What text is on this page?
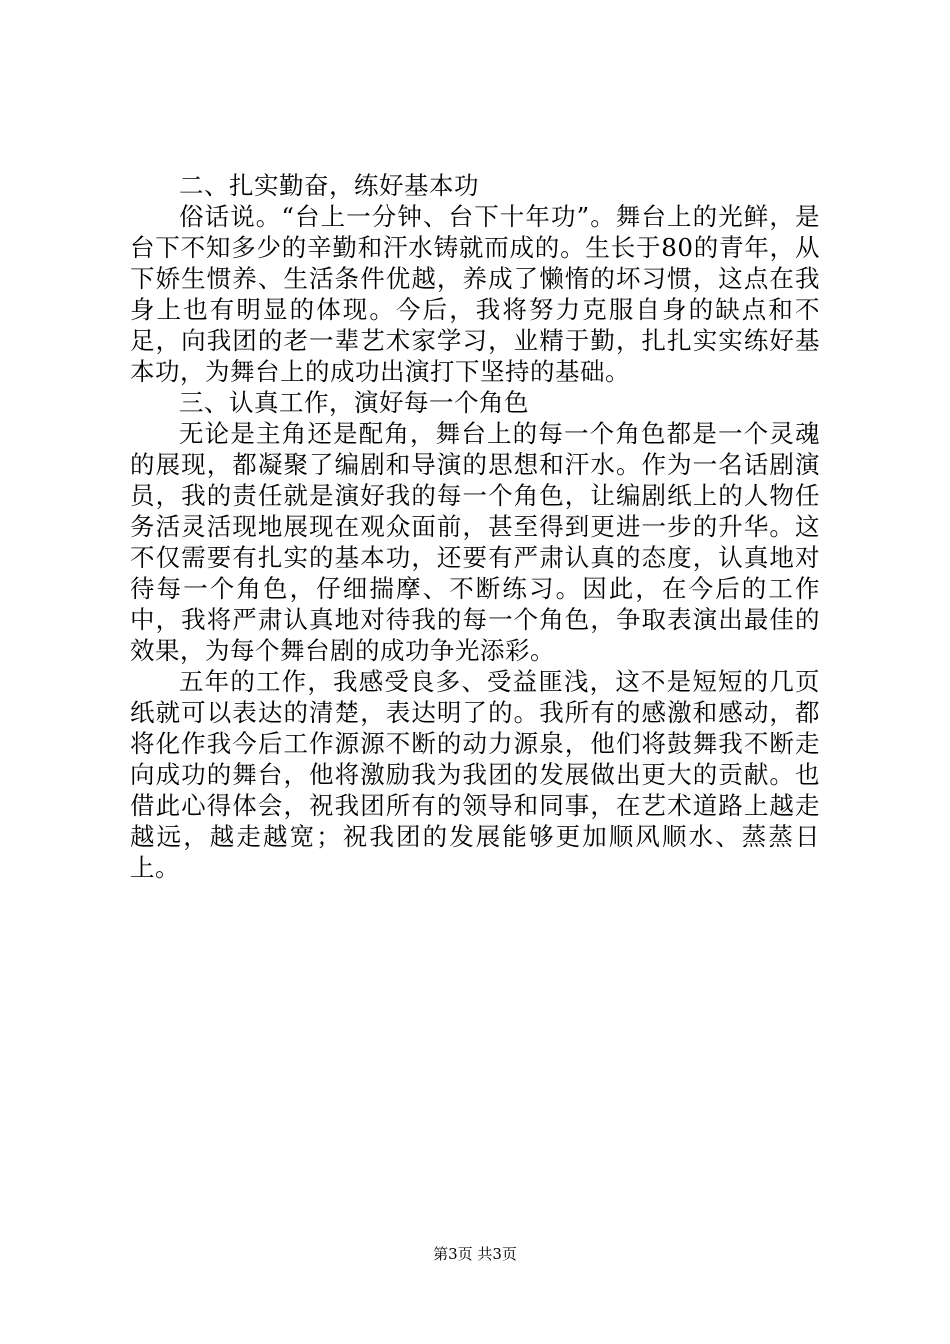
二、扎实勤奋，练好基本功

俗话说。“台上一分钟、台下十年功”。舞台上的光鲜，是台下不知多少的辛勤和汗水铸就而成的。生长于80的青年，从下娇生惯养、生活条件优越，养成了懒惰的坏习惯，这点在我身上也有明显的体现。今后，我将努力克服自身的缺点和不足，向我团的老一辈艺术家学习，业精于勤，扎扎实实练好基本功，为舞台上的成功出演打下坚持的基础。

三、认真工作，演好每一个角色

无论是主角还是配角，舞台上的每一个角色都是一个灵魂的展现，都凝聚了编剧和导演的思想和汗水。作为一名话剧演员，我的责任就是演好我的每一个角色，让编剧纸上的人物任务活灵活现地展现在观众面前，甚至得到更进一步的升华。这不仅需要有扎实的基本功，还要有严肃认真的态度，认真地对待每一个角色，仔细揣摩、不断练习。因此，在今后的工作中，我将严肃认真地对待我的每一个角色，争取表演出最佳的效果，为每个舞台剧的成功争光添彩。

五年的工作，我感受良多、受益匪浅，这不是短短的几页纸就可以表达的清楚，表达明了的。我所有的感激和感动，都将化作我今后工作源源不断的动力源泉，他们将鼓舞我不断走向成功的舞台，他将激励我为我团的发展做出更大的贡献。也借此心得体会，祝我团所有的领导和同事，在艺术道路上越走越远，越走越宽；祝我团的发展能够更加顺风顺水、蒸蒸日上。

第3页 共3页
